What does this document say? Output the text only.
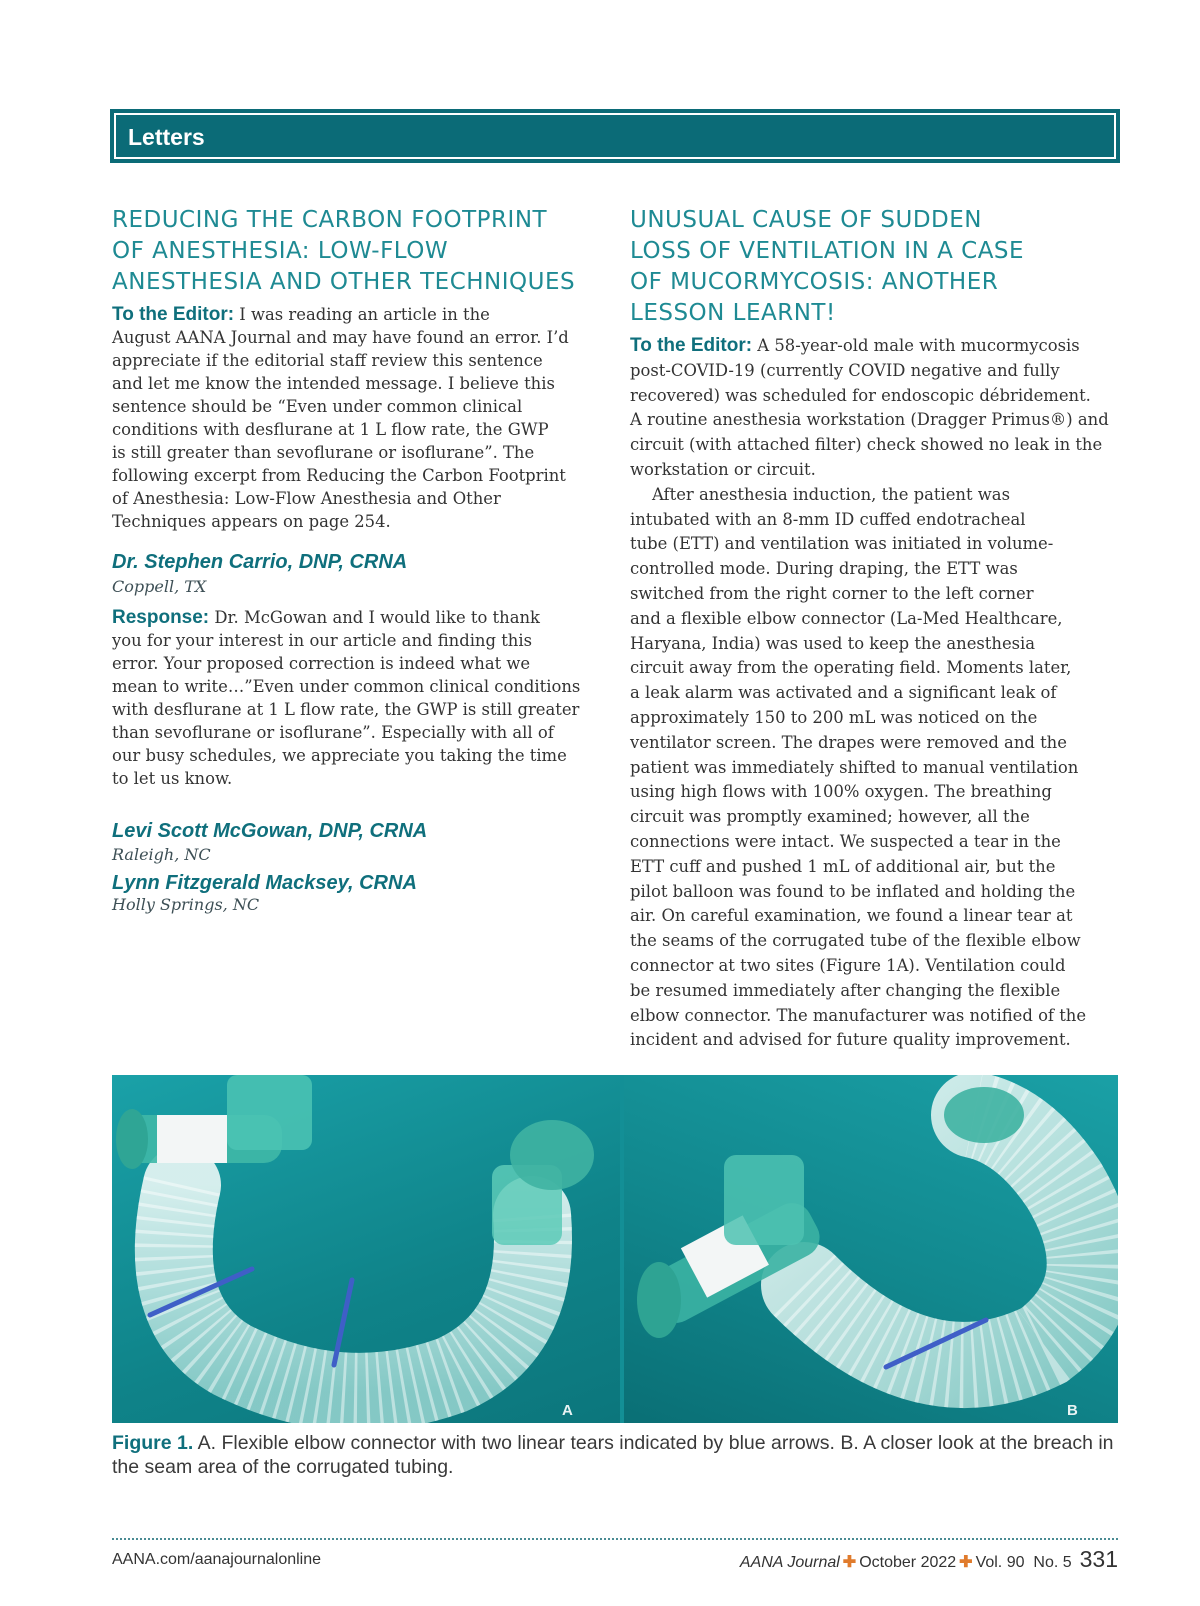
Letters
REDUCING THE CARBON FOOTPRINT
OF ANESTHESIA: LOW-FLOW
ANESTHESIA AND OTHER TECHNIQUES
To the Editor: I was reading an article in the
August AANA Journal and may have found an error. I’d
appreciate if the editorial staff review this sentence
and let me know the intended message. I believe this
sentence should be “Even under common clinical
conditions with desflurane at 1 L flow rate, the GWP
is still greater than sevoflurane or isoflurane”. The
following excerpt from Reducing the Carbon Footprint
of Anesthesia: Low-Flow Anesthesia and Other
Techniques appears on page 254.
Dr. Stephen Carrio, DNP, CRNA
Coppell, TX
Response: Dr. McGowan and I would like to thank
you for your interest in our article and finding this
error. Your proposed correction is indeed what we
mean to write…”Even under common clinical conditions
with desflurane at 1 L flow rate, the GWP is still greater
than sevoflurane or isoflurane”. Especially with all of
our busy schedules, we appreciate you taking the time
to let us know.
Levi Scott McGowan, DNP, CRNA
Raleigh, NC
Lynn Fitzgerald Macksey, CRNA
Holly Springs, NC
UNUSUAL CAUSE OF SUDDEN
LOSS OF VENTILATION IN A CASE
OF MUCORMYCOSIS: ANOTHER
LESSON LEARNT!
To the Editor: A 58-year-old male with mucormycosis
post-COVID-19 (currently COVID negative and fully
recovered) was scheduled for endoscopic débridement.
A routine anesthesia workstation (Dragger Primus®) and
circuit (with attached filter) check showed no leak in the
workstation or circuit.
After anesthesia induction, the patient was
intubated with an 8-mm ID cuffed endotracheal
tube (ETT) and ventilation was initiated in volume-
controlled mode. During draping, the ETT was
switched from the right corner to the left corner
and a flexible elbow connector (La-Med Healthcare,
Haryana, India) was used to keep the anesthesia
circuit away from the operating field. Moments later,
a leak alarm was activated and a significant leak of
approximately 150 to 200 mL was noticed on the
ventilator screen. The drapes were removed and the
patient was immediately shifted to manual ventilation
using high flows with 100% oxygen. The breathing
circuit was promptly examined; however, all the
connections were intact. We suspected a tear in the
ETT cuff and pushed 1 mL of additional air, but the
pilot balloon was found to be inflated and holding the
air. On careful examination, we found a linear tear at
the seams of the corrugated tube of the flexible elbow
connector at two sites (Figure 1A). Ventilation could
be resumed immediately after changing the flexible
elbow connector. The manufacturer was notified of the
incident and advised for future quality improvement.
A	B
Figure 1. A. Flexible elbow connector with two linear tears indicated by blue arrows. B. A closer look at the breach in the seam area of the corrugated tubing.
AANA.com/aanajournalonline	AANA Journal ✚ October 2022 ✚ Vol. 90  No. 5 331
